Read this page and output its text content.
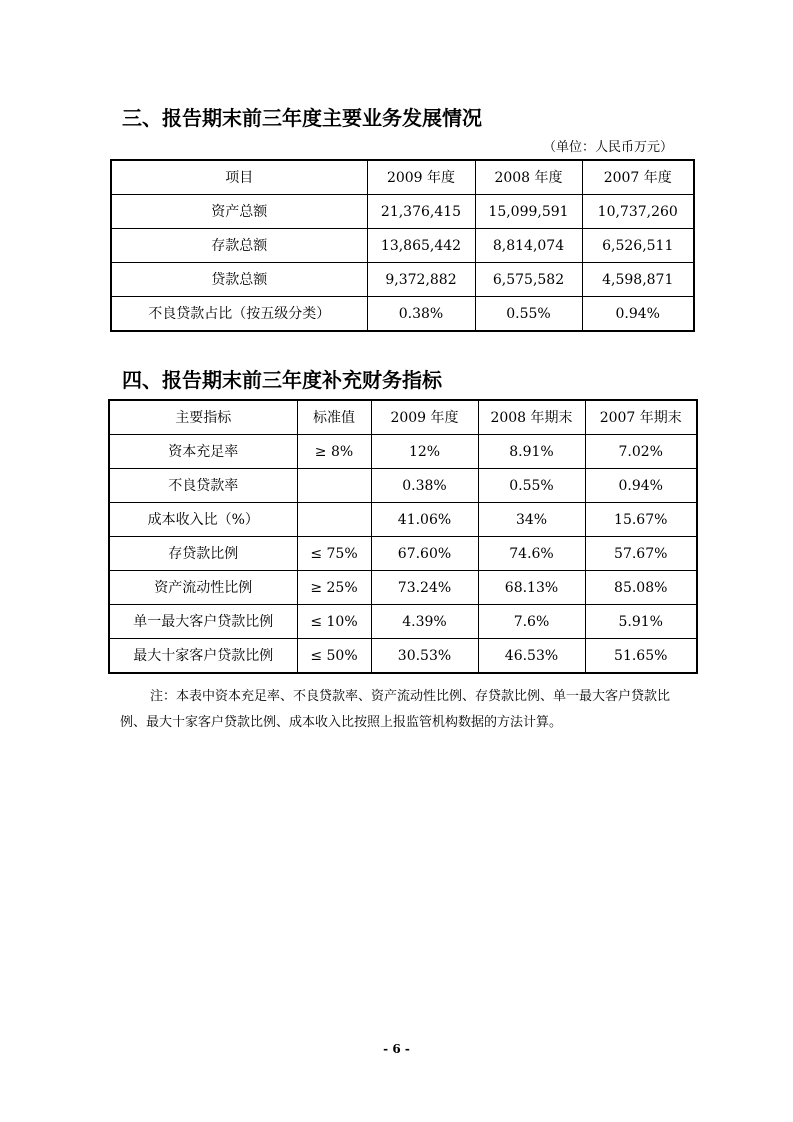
三、报告期末前三年度主要业务发展情况
（单位：人民币万元）
项目	2009 年度	2008 年度	2007 年度
资产总额	21,376,415	15,099,591	10,737,260
存款总额	13,865,442	8,814,074	6,526,511
贷款总额	9,372,882	6,575,582	4,598,871
不良贷款占比（按五级分类）	0.38%	0.55%	0.94%
四、报告期末前三年度补充财务指标
主要指标	标准值	2009 年度	2008 年期末	2007 年期末
资本充足率	≥ 8%	12%	8.91%	7.02%
不良贷款率		0.38%	0.55%	0.94%
成本收入比（%）		41.06%	34%	15.67%
存贷款比例	≤ 75%	67.60%	74.6%	57.67%
资产流动性比例	≥ 25%	73.24%	68.13%	85.08%
单一最大客户贷款比例	≤ 10%	4.39%	7.6%	5.91%
最大十家客户贷款比例	≤ 50%	30.53%	46.53%	51.65%

注：本表中资本充足率、不良贷款率、资产流动性比例、存贷款比例、单一最大客户贷款比例、最大十家客户贷款比例、成本收入比按照上报监管机构数据的方法计算。

- 6 -
